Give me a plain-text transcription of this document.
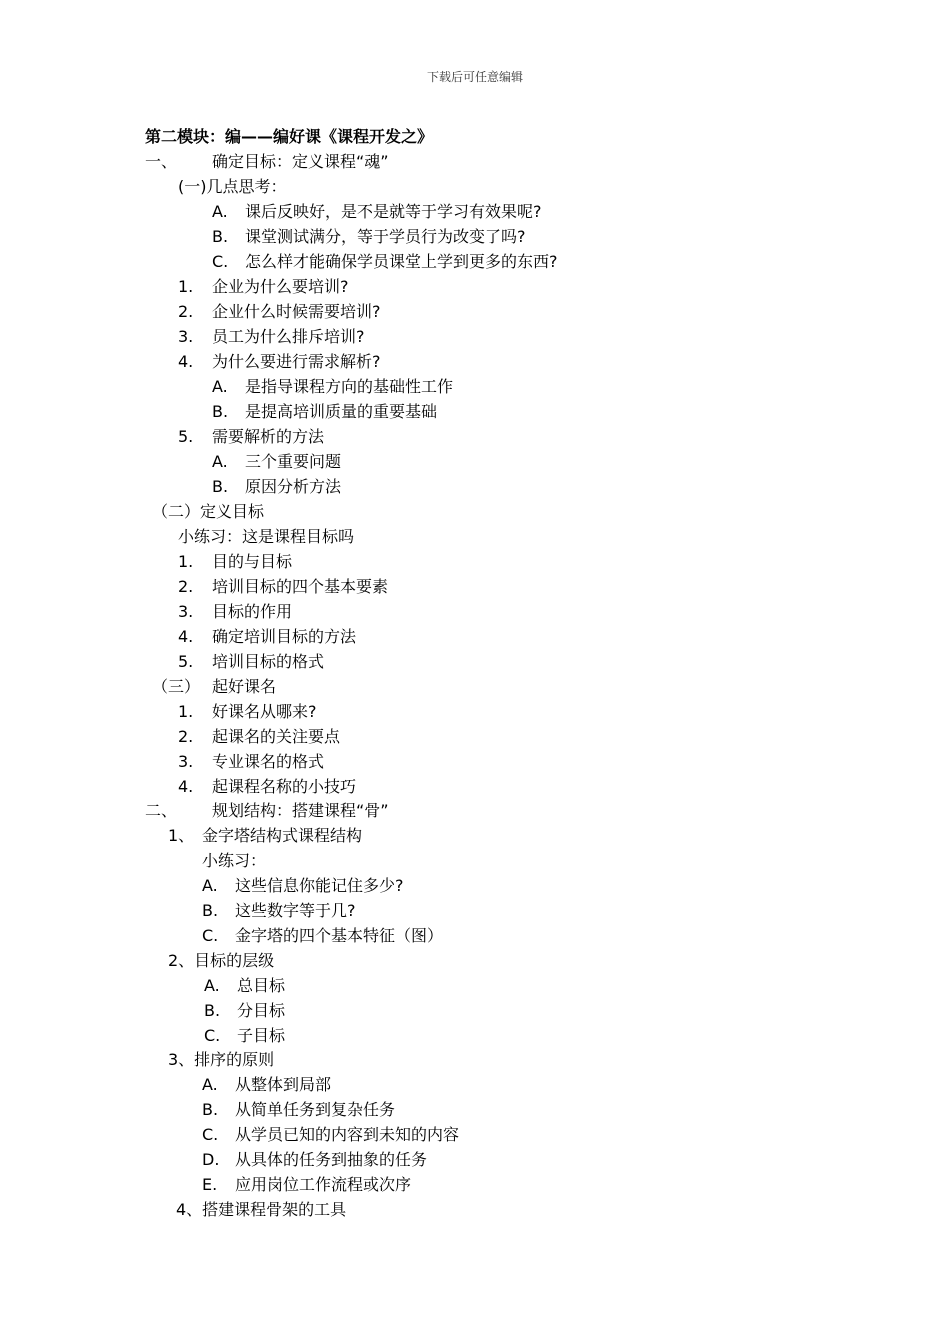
下载后可任意编辑
第二模块：编——编好课《课程开发之》
一、 确定目标：定义课程“魂”
(一)几点思考：
A. 课后反映好，是不是就等于学习有效果呢?
B. 课堂测试满分，等于学员行为改变了吗?
C. 怎么样才能确保学员课堂上学到更多的东西?
1. 企业为什么要培训?
2. 企业什么时候需要培训?
3. 员工为什么排斥培训?
4. 为什么要进行需求解析?
A. 是指导课程方向的基础性工作
B. 是提高培训质量的重要基础
5. 需要解析的方法
A. 三个重要问题
B. 原因分析方法
（二）定义目标
小练习：这是课程目标吗
1. 目的与目标
2. 培训目标的四个基本要素
3. 目标的作用
4. 确定培训目标的方法
5. 培训目标的格式
（三） 起好课名
1. 好课名从哪来?
2. 起课名的关注要点
3. 专业课名的格式
4. 起课程名称的小技巧
二、 规划结构：搭建课程“骨”
1、 金字塔结构式课程结构
小练习：
A. 这些信息你能记住多少?
B. 这些数字等于几?
C. 金字塔的四个基本特征（图）
2、目标的层级
A. 总目标
B. 分目标
C. 子目标
3、排序的原则
A. 从整体到局部
B. 从简单任务到复杂任务
C. 从学员已知的内容到未知的内容
D. 从具体的任务到抽象的任务
E. 应用岗位工作流程或次序
4、搭建课程骨架的工具
